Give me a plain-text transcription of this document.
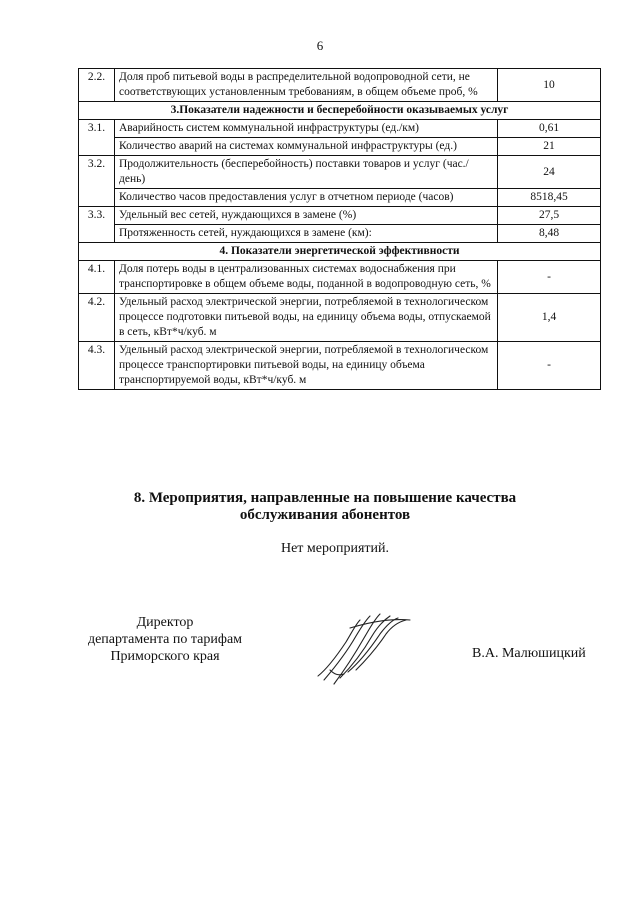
6
2.2.	Доля проб питьевой воды в распределительной водопроводной сети, не соответствующих установленным требованиям, в общем объеме проб, %	10
3.Показатели надежности и бесперебойности оказываемых услуг		
3.1.	Аварийность систем коммунальной инфраструктуры (ед./км)	0,61
	Количество аварий на системах коммунальной инфраструктуры (ед.)	21
3.2.	Продолжительность (бесперебойность) поставки товаров и услуг (час./день)	24
	Количество часов предоставления услуг в отчетном периоде (часов)	8518,45
3.3.	Удельный вес сетей, нуждающихся в замене (%)	27,5
	Протяженность сетей, нуждающихся в замене (км):	8,48
4. Показатели энергетической эффективности		
4.1.	Доля потерь воды в централизованных системах водоснабжения при транспортировке в общем объеме воды, поданной в водопроводную сеть, %	-
4.2.	Удельный расход электрической энергии, потребляемой в технологическом процессе подготовки питьевой воды, на единицу объема воды, отпускаемой в сеть, кВт*ч/куб. м	1,4
4.3.	Удельный расход электрической энергии, потребляемой в технологическом процессе транспортировки питьевой воды, на единицу объема транспортируемой воды, кВт*ч/куб. м	-
8. Мероприятия, направленные на повышение качества
обслуживания абонентов
Нет мероприятий.
Директор
департамента по тарифам
Приморского края	В.А. Малюшицкий
